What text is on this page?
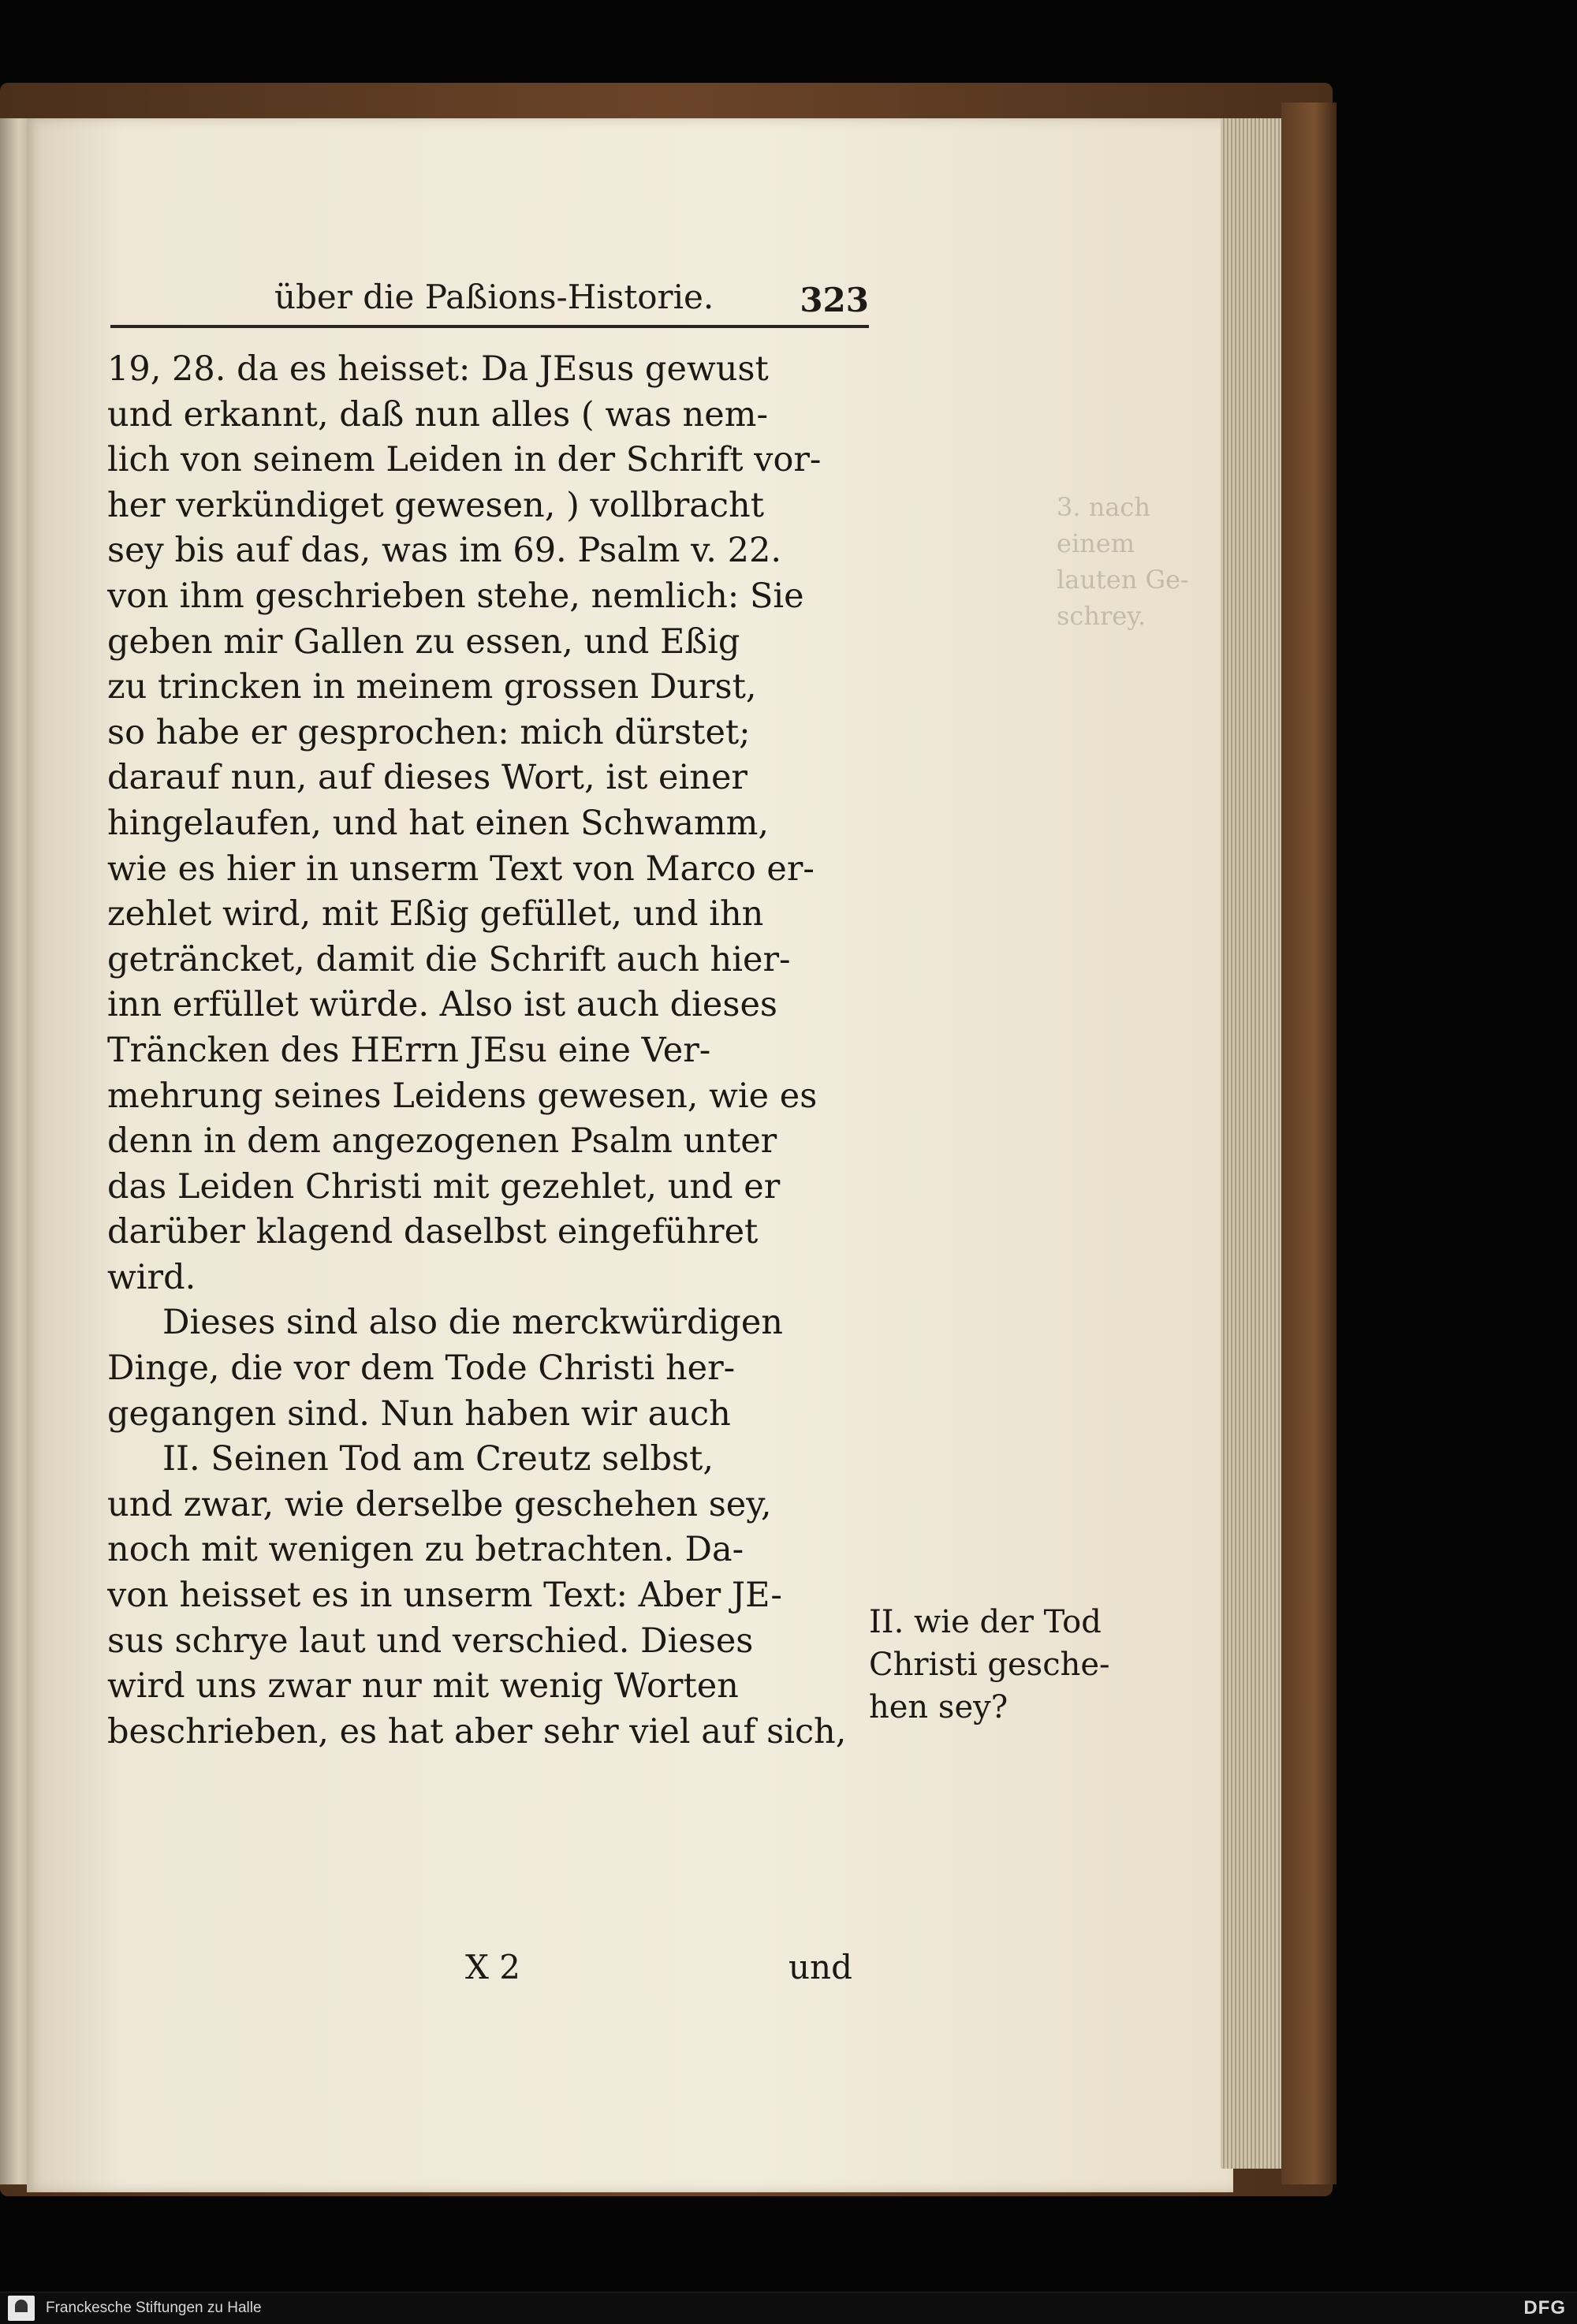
3. nach einem
lauten Ge-
schrey.
über die Paßions-Historie.	323
19, 28. da es heisset: Da JEsus gewust
und erkannt, daß nun alles ( was nem-
lich von seinem Leiden in der Schrift vor-
her verkündiget gewesen, ) vollbracht
sey bis auf das, was im 69. Psalm v. 22.
von ihm geschrieben stehe, nemlich: Sie
geben mir Gallen zu essen, und Eßig
zu trincken in meinem grossen Durst,
so habe er gesprochen: mich dürstet;
darauf nun, auf dieses Wort, ist einer
hingelaufen, und hat einen Schwamm,
wie es hier in unserm Text von Marco er-
zehlet wird, mit Eßig gefüllet, und ihn
geträncket, damit die Schrift auch hier-
inn erfüllet würde. Also ist auch dieses
Träncken des HErrn JEsu eine Ver-
mehrung seines Leidens gewesen, wie es
denn in dem angezogenen Psalm unter
das Leiden Christi mit gezehlet, und er
darüber klagend daselbst eingeführet
wird.
Dieses sind also die merckwürdigen
Dinge, die vor dem Tode Christi her-
gegangen sind. Nun haben wir auch
II. Seinen Tod am Creutz selbst,
und zwar, wie derselbe geschehen sey,
noch mit wenigen zu betrachten. Da-
von heisset es in unserm Text: Aber JE-
sus schrye laut und verschied. Dieses
wird uns zwar nur mit wenig Worten
beschrieben, es hat aber sehr viel auf sich,
II. wie der Tod
Christi gesche-
hen sey?
X 2	und
Franckesche Stiftungen zu Halle	DFG
